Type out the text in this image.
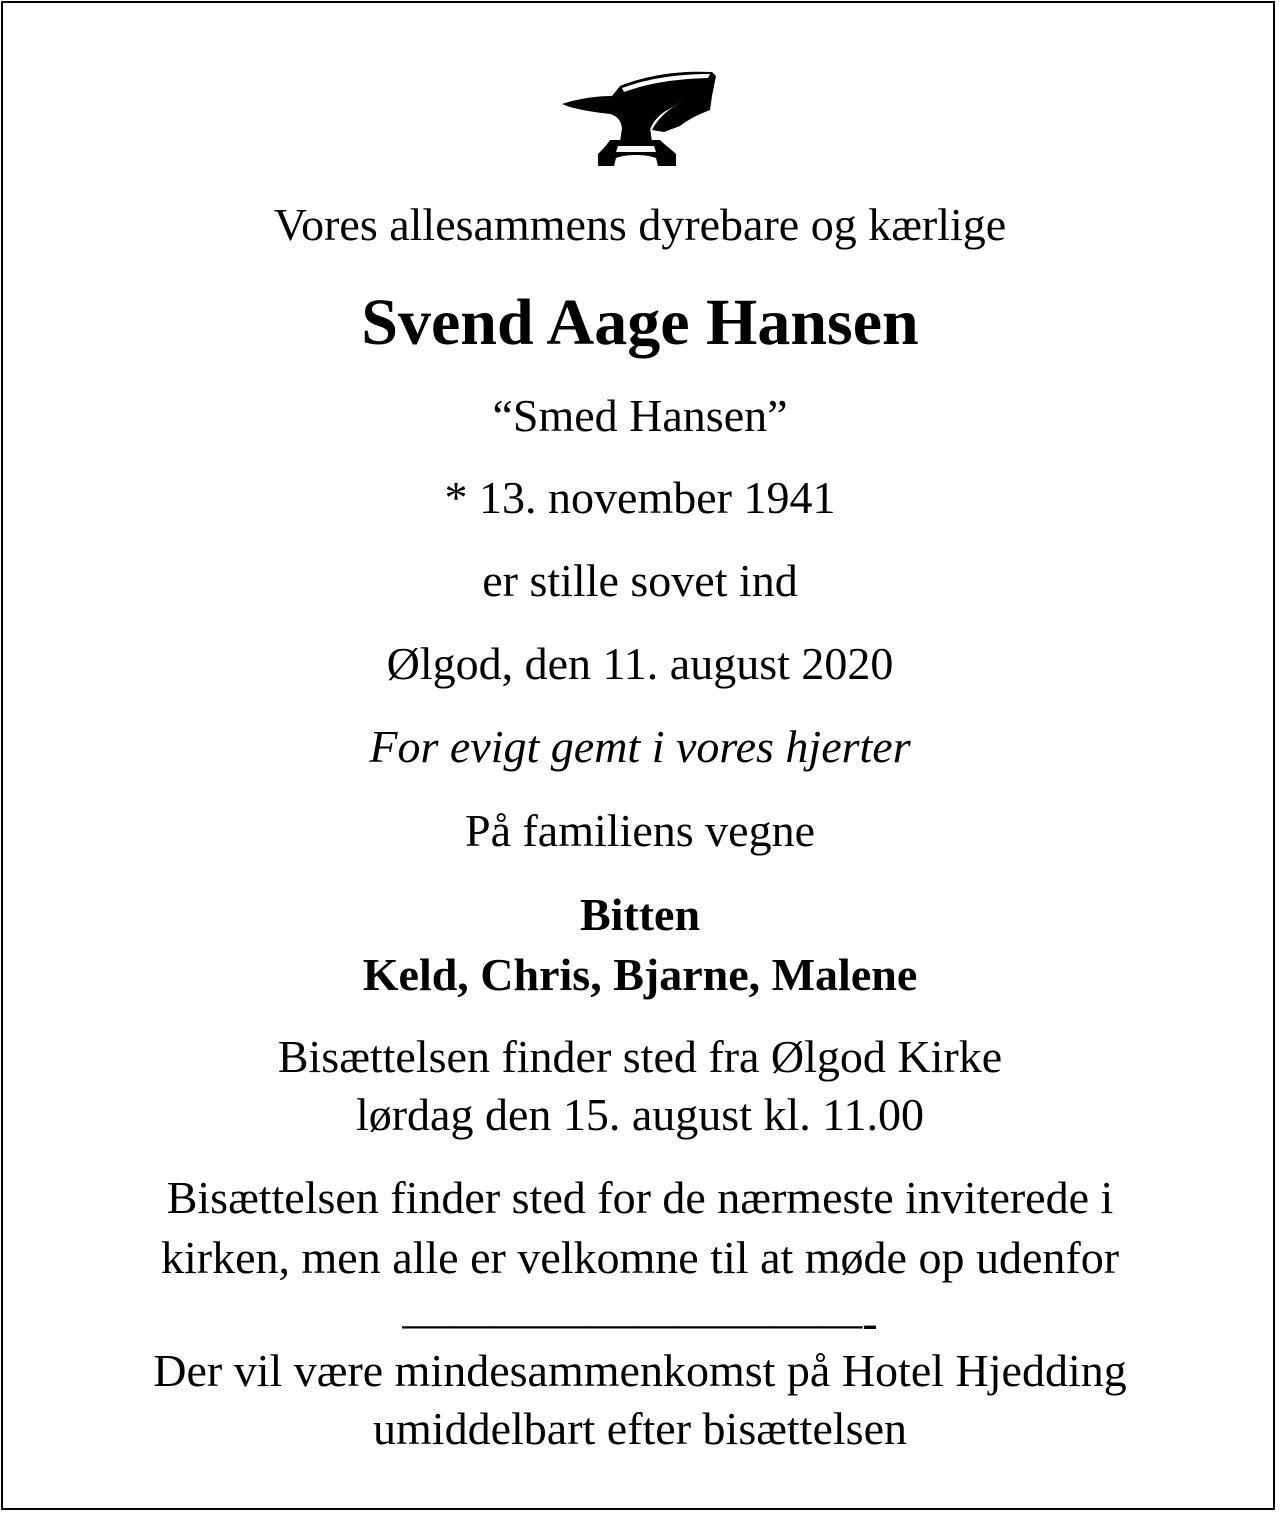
Vores allesammens dyrebare og kærlige
Svend Aage Hansen
“Smed Hansen”
* 13. november 1941
er stille sovet ind
Ølgod, den 11. august 2020
For evigt gemt i vores hjerter
På familiens vegne
Bitten
Keld, Chris, Bjarne, Malene
Bisættelsen finder sted fra Ølgod Kirke
lørdag den 15. august kl. 11.00
Bisættelsen finder sted for de nærmeste inviterede i
kirken, men alle er velkomne til at møde op udenfor
——————————-
Der vil være mindesammenkomst på Hotel Hjedding
umiddelbart efter bisættelsen
